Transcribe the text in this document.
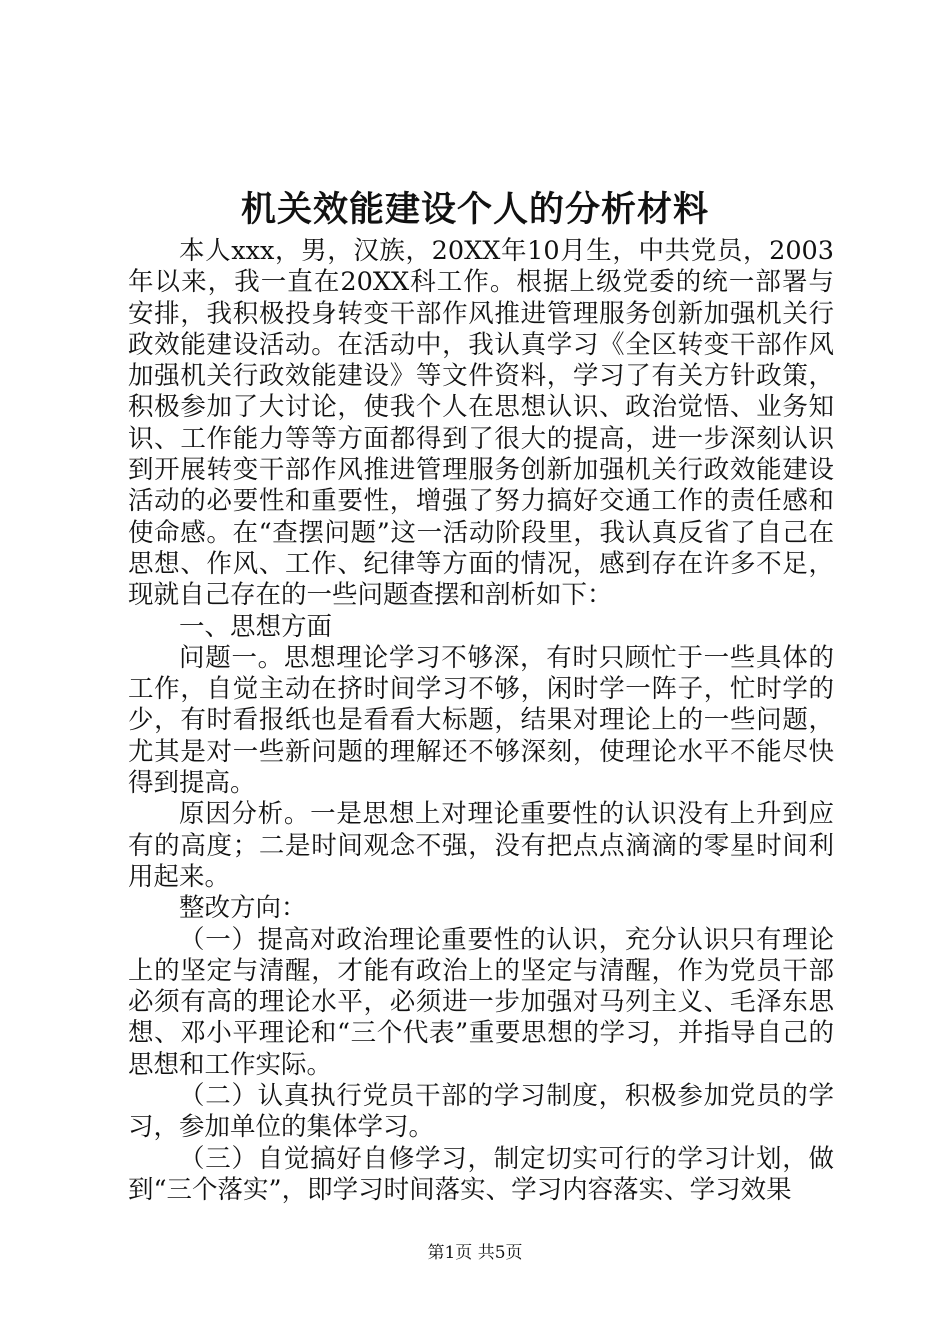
机关效能建设个人的分析材料

本人xxx，男，汉族，20XX年10月生，中共党员，2003年以来，我一直在20XX科工作。根据上级党委的统一部署与安排，我积极投身转变干部作风推进管理服务创新加强机关行政效能建设活动。在活动中，我认真学习《全区转变干部作风加强机关行政效能建设》等文件资料，学习了有关方针政策，积极参加了大讨论，使我个人在思想认识、政治觉悟、业务知识、工作能力等等方面都得到了很大的提高，进一步深刻认识到开展转变干部作风推进管理服务创新加强机关行政效能建设活动的必要性和重要性，增强了努力搞好交通工作的责任感和使命感。在“查摆问题”这一活动阶段里，我认真反省了自己在思想、作风、工作、纪律等方面的情况，感到存在许多不足，现就自己存在的一些问题查摆和剖析如下：

一、思想方面

问题一。思想理论学习不够深，有时只顾忙于一些具体的工作，自觉主动在挤时间学习不够，闲时学一阵子，忙时学的少，有时看报纸也是看看大标题，结果对理论上的一些问题，尤其是对一些新问题的理解还不够深刻，使理论水平不能尽快得到提高。

原因分析。一是思想上对理论重要性的认识没有上升到应有的高度；二是时间观念不强，没有把点点滴滴的零星时间利用起来。

整改方向：

（一）提高对政治理论重要性的认识，充分认识只有理论上的坚定与清醒，才能有政治上的坚定与清醒，作为党员干部必须有高的理论水平，必须进一步加强对马列主义、毛泽东思想、邓小平理论和“三个代表”重要思想的学习，并指导自己的思想和工作实际。

（二）认真执行党员干部的学习制度，积极参加党员的学习，参加单位的集体学习。

（三）自觉搞好自修学习，制定切实可行的学习计划，做到“三个落实”，即学习时间落实、学习内容落实、学习效果

第1页 共5页
